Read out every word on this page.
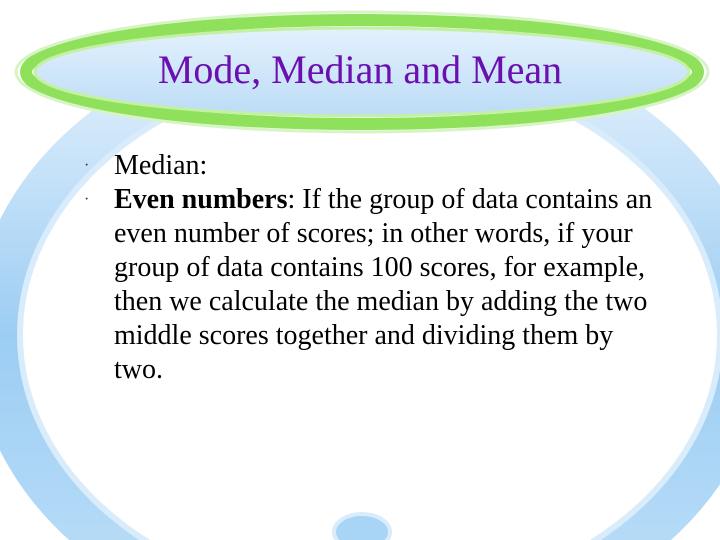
Mode, Median and Mean
· Median:
· Even numbers: If the group of data contains an even number of scores; in other words, if your group of data contains 100 scores, for example, then we calculate the median by adding the two middle scores together and dividing them by two.
